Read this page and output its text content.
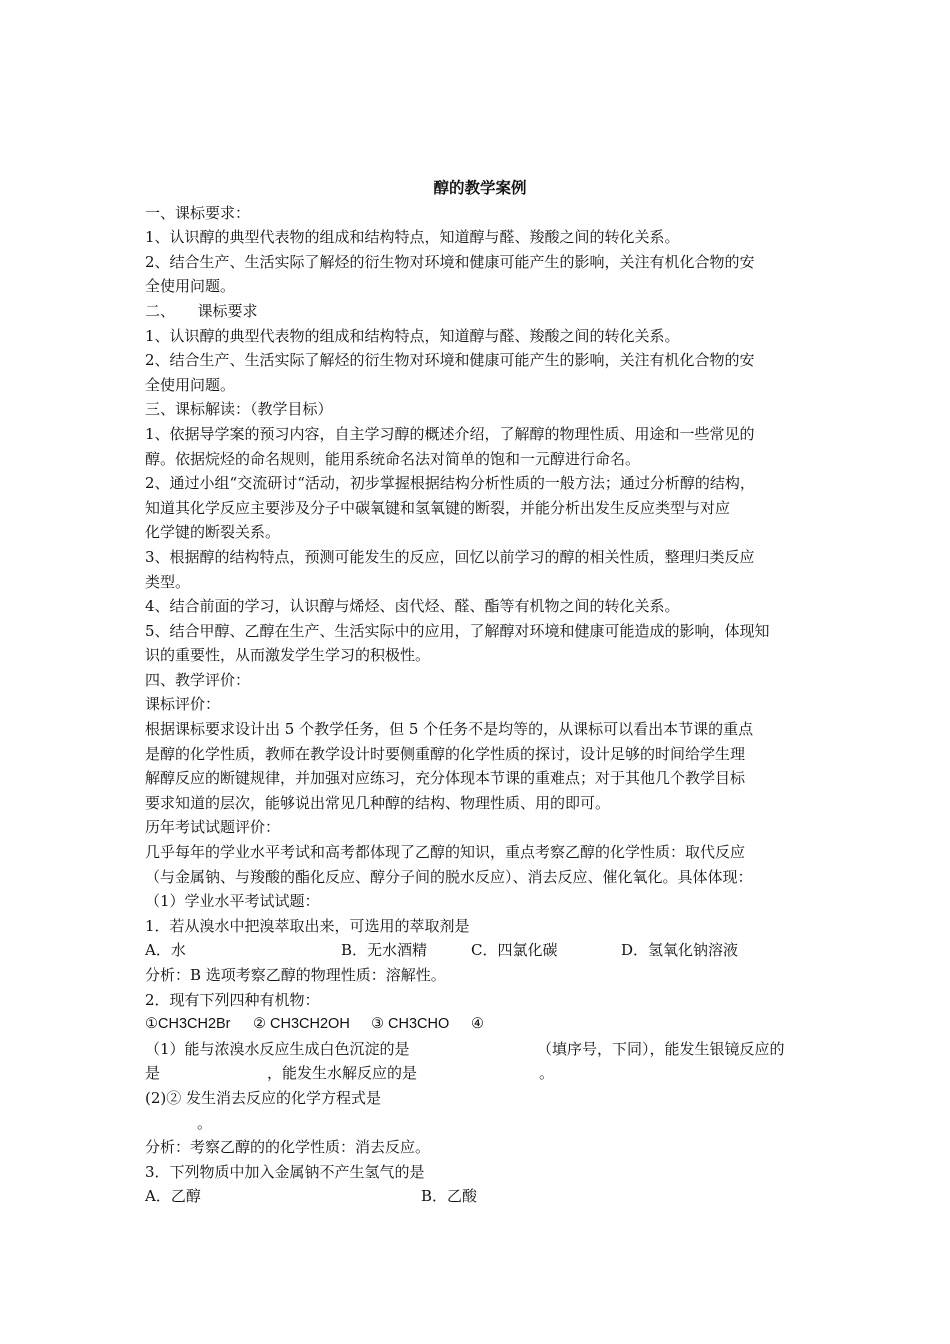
醇的教学案例
一、课标要求：
1、认识醇的典型代表物的组成和结构特点，知道醇与醛、羧酸之间的转化关系。
2、结合生产、生活实际了解烃的衍生物对环境和健康可能产生的影响，关注有机化合物的安
全使用问题。
二、　　课标要求
1、认识醇的典型代表物的组成和结构特点，知道醇与醛、羧酸之间的转化关系。
2、结合生产、生活实际了解烃的衍生物对环境和健康可能产生的影响，关注有机化合物的安
全使用问题。
三、课标解读：（教学目标）
1、依据导学案的预习内容，自主学习醇的概述介绍，了解醇的物理性质、用途和一些常见的
醇。依据烷烃的命名规则，能用系统命名法对简单的饱和一元醇进行命名。
2、通过小组“交流研讨“活动，初步掌握根据结构分析性质的一般方法；通过分析醇的结构，
知道其化学反应主要涉及分子中碳氧键和氢氧键的断裂，并能分析出发生反应类型与对应
化学键的断裂关系。
3、根据醇的结构特点，预测可能发生的反应，回忆以前学习的醇的相关性质，整理归类反应
类型。
4、结合前面的学习，认识醇与烯烃、卤代烃、醛、酯等有机物之间的转化关系。
5、结合甲醇、乙醇在生产、生活实际中的应用，了解醇对环境和健康可能造成的影响，体现知
识的重要性，从而激发学生学习的积极性。
四、教学评价：
课标评价：
根据课标要求设计出 5 个教学任务，但 5 个任务不是均等的，从课标可以看出本节课的重点
是醇的化学性质，教师在教学设计时要侧重醇的化学性质的探讨，设计足够的时间给学生理
解醇反应的断键规律，并加强对应练习，充分体现本节课的重难点；对于其他几个教学目标
要求知道的层次，能够说出常见几种醇的结构、物理性质、用的即可。
历年考试试题评价：
几乎每年的学业水平考试和高考都体现了乙醇的知识，重点考察乙醇的化学性质：取代反应
（与金属钠、与羧酸的酯化反应、醇分子间的脱水反应）、消去反应、催化氧化。具体体现：
（1）学业水平考试试题：
1．若从溴水中把溴萃取出来，可选用的萃取剂是
A．水	B．无水酒精	C．四氯化碳	D．氢氧化钠溶液
分析：B 选项考察乙醇的物理性质：溶解性。
2．现有下列四种有机物：
①CH3CH2Br	② CH3CH2OH	③ CH3CHO	④
（1）能与浓溴水反应生成白色沉淀的是	（填序号，下同），能发生银镜反应的
是	，能发生水解反应的是	。
(2)② 发生消去反应的化学方程式是
。
分析：考察乙醇的的化学性质：消去反应。
3．下列物质中加入金属钠不产生氢气的是
A．乙醇	B．乙酸
